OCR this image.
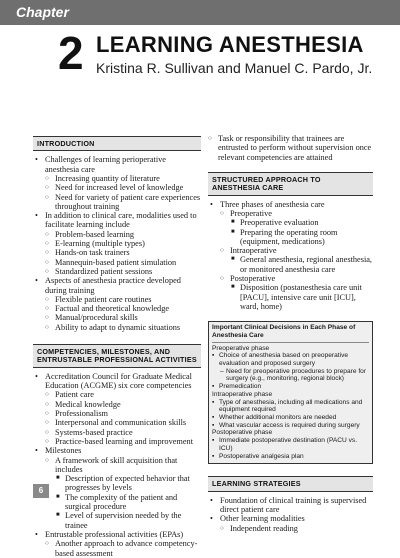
Chapter
2 LEARNING ANESTHESIA
Kristina R. Sullivan and Manuel C. Pardo, Jr.
INTRODUCTION
• Challenges of learning perioperative anesthesia care
○ Increasing quantity of literature
○ Need for increased level of knowledge
○ Need for variety of patient care experiences throughout training
• In addition to clinical care, modalities used to facilitate learning include
○ Problem-based learning
○ E-learning (multiple types)
○ Hands-on task trainers
○ Mannequin-based patient simulation
○ Standardized patient sessions
• Aspects of anesthesia practice developed during training
○ Flexible patient care routines
○ Factual and theoretical knowledge
○ Manual/procedural skills
○ Ability to adapt to dynamic situations
COMPETENCIES, MILESTONES, AND ENTRUSTABLE PROFESSIONAL ACTIVITIES
• Accreditation Council for Graduate Medical Education (ACGME) six core competencies
○ Patient care
○ Medical knowledge
○ Professionalism
○ Interpersonal and communication skills
○ Systems-based practice
○ Practice-based learning and improvement
• Milestones
○ A framework of skill acquisition that includes
■ Description of expected behavior that progresses by levels
■ The complexity of the patient and surgical procedure
■ Level of supervision needed by the trainee
• Entrustable professional activities (EPAs)
○ Another approach to advance competency-based assessment
○ Task or responsibility that trainees are entrusted to perform without supervision once relevant competencies are attained
STRUCTURED APPROACH TO ANESTHESIA CARE
• Three phases of anesthesia care
○ Preoperative
■ Preoperative evaluation
■ Preparing the operating room (equipment, medications)
○ Intraoperative
■ General anesthesia, regional anesthesia, or monitored anesthesia care
○ Postoperative
■ Disposition (postanesthesia care unit [PACU], intensive care unit [ICU], ward, home)
Important Clinical Decisions in Each Phase of Anesthesia Care
Preoperative phase
▪ Choice of anesthesia based on preoperative evaluation and proposed surgery
– Need for preoperative procedures to prepare for surgery (e.g., monitoring, regional block)
▪ Premedication
Intraoperative phase
▪ Type of anesthesia, including all medications and equipment required
▪ Whether additional monitors are needed
▪ What vascular access is required during surgery
Postoperative phase
▪ Immediate postoperative destination (PACU vs. ICU)
▪ Postoperative analgesia plan
LEARNING STRATEGIES
• Foundation of clinical training is supervised direct patient care
• Other learning modalities
○ Independent reading
6
